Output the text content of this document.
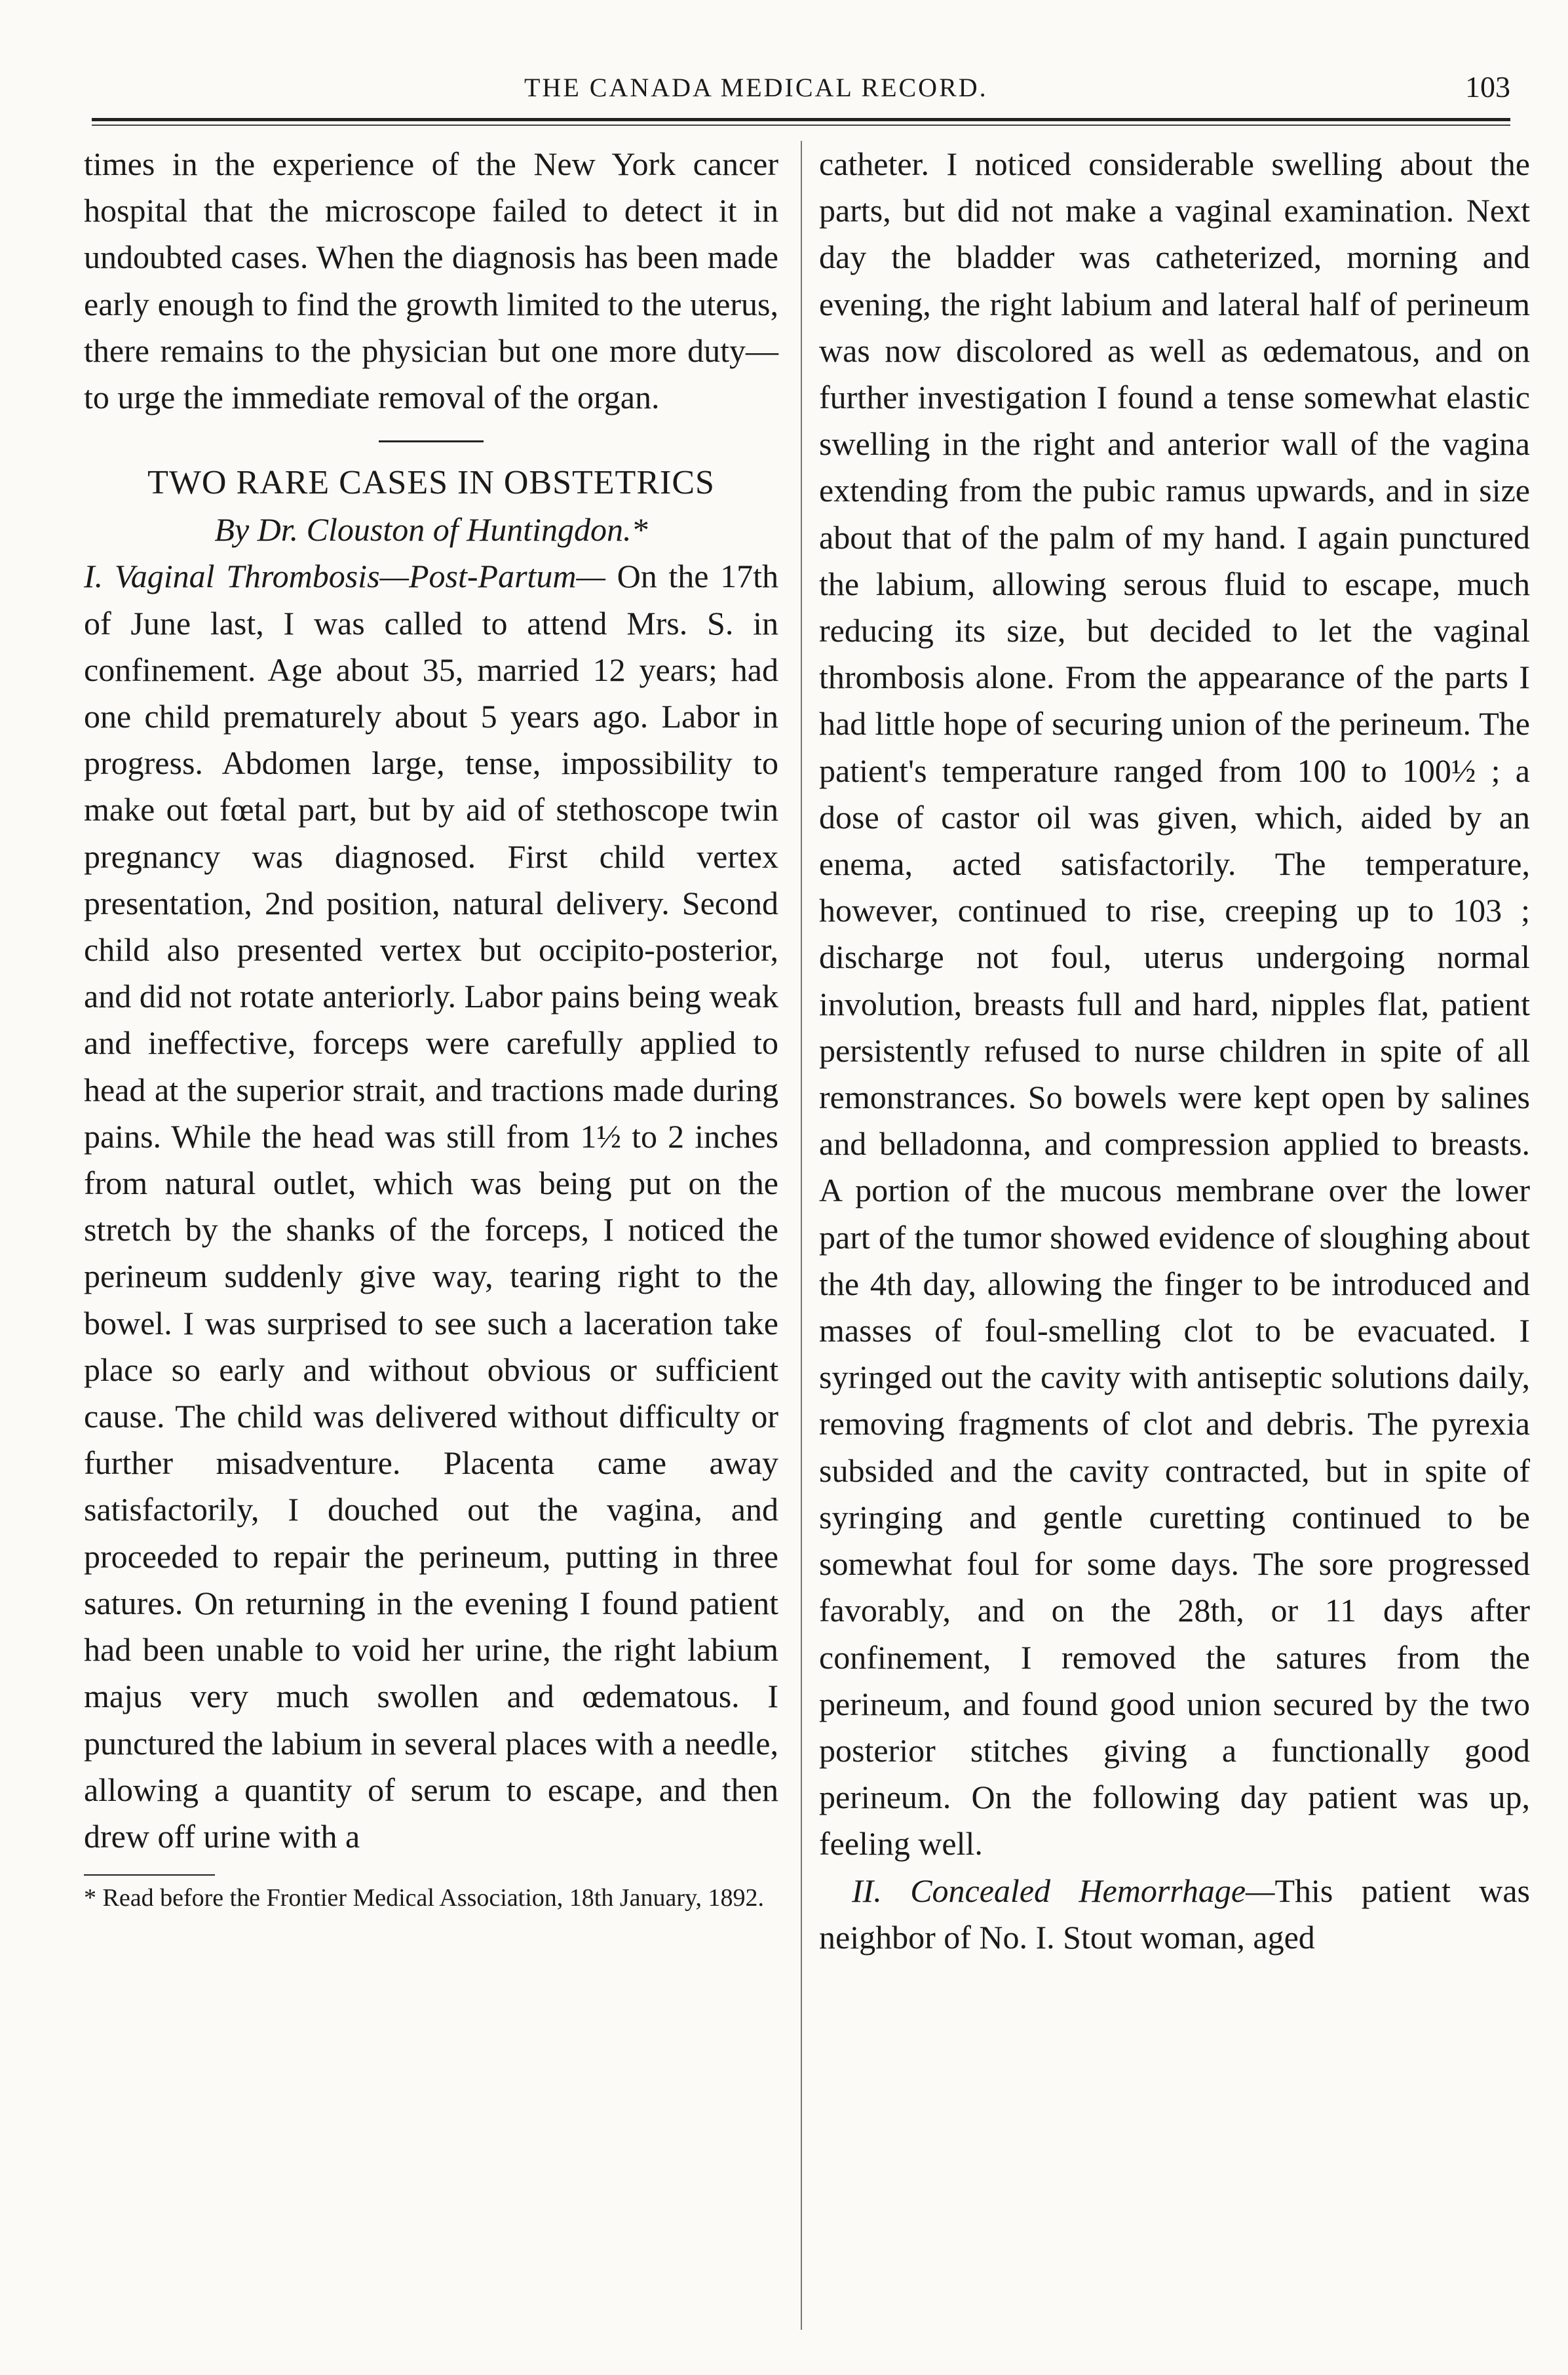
THE CANADA MEDICAL RECORD.	103

times in the experience of the New York cancer hospital that the microscope failed to detect it in undoubted cases. When the diagnosis has been made early enough to find the growth limited to the uterus, there remains to the physician but one more duty—to urge the immediate removal of the organ.

TWO RARE CASES IN OBSTETRICS

By Dr. Clouston of Huntingdon.*

I. Vaginal Thrombosis—Post-Partum— On the 17th of June last, I was called to attend Mrs. S. in confinement. Age about 35, married 12 years; had one child prematurely about 5 years ago. Labor in progress. Abdomen large, tense, impossibility to make out fœtal part, but by aid of stethoscope twin pregnancy was diagnosed. First child vertex presentation, 2nd position, natural delivery. Second child also presented vertex but occipito-posterior, and did not rotate anteriorly. Labor pains being weak and ineffective, forceps were carefully applied to head at the superior strait, and tractions made during pains. While the head was still from 1½ to 2 inches from natural outlet, which was being put on the stretch by the shanks of the forceps, I noticed the perineum suddenly give way, tearing right to the bowel. I was surprised to see such a laceration take place so early and without obvious or sufficient cause. The child was delivered without difficulty or further misadventure. Placenta came away satisfactorily, I douched out the vagina, and proceeded to repair the perineum, putting in three satures. On returning in the evening I found patient had been unable to void her urine, the right labium majus very much swollen and œdematous. I punctured the labium in several places with a needle, allowing a quantity of serum to escape, and then drew off urine with a

* Read before the Frontier Medical Association, 18th January, 1892.

catheter. I noticed considerable swelling about the parts, but did not make a vaginal examination. Next day the bladder was catheterized, morning and evening, the right labium and lateral half of perineum was now discolored as well as œdematous, and on further investigation I found a tense somewhat elastic swelling in the right and anterior wall of the vagina extending from the pubic ramus upwards, and in size about that of the palm of my hand. I again punctured the labium, allowing serous fluid to escape, much reducing its size, but decided to let the vaginal thrombosis alone. From the appearance of the parts I had little hope of securing union of the perineum. The patient's temperature ranged from 100 to 100½ ; a dose of castor oil was given, which, aided by an enema, acted satisfactorily. The temperature, however, continued to rise, creeping up to 103 ; discharge not foul, uterus undergoing normal involution, breasts full and hard, nipples flat, patient persistently refused to nurse children in spite of all remonstrances. So bowels were kept open by salines and belladonna, and compression applied to breasts. A portion of the mucous membrane over the lower part of the tumor showed evidence of sloughing about the 4th day, allowing the finger to be introduced and masses of foul-smelling clot to be evacuated. I syringed out the cavity with antiseptic solutions daily, removing fragments of clot and debris. The pyrexia subsided and the cavity contracted, but in spite of syringing and gentle curetting continued to be somewhat foul for some days. The sore progressed favorably, and on the 28th, or 11 days after confinement, I removed the satures from the perineum, and found good union secured by the two posterior stitches giving a functionally good perineum. On the following day patient was up, feeling well.

II. Concealed Hemorrhage—This patient was neighbor of No. I. Stout woman, aged
